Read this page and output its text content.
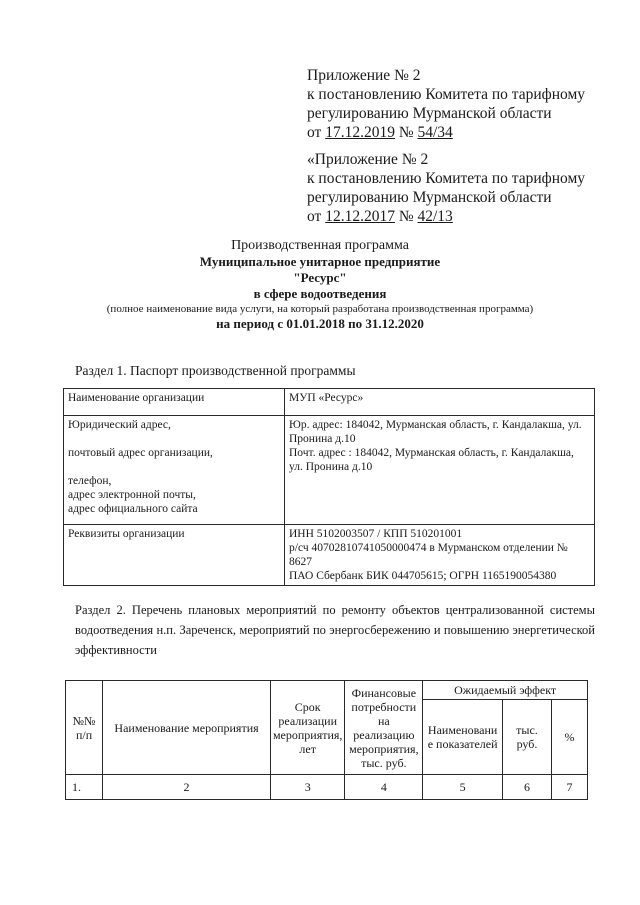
Приложение № 2
к постановлению Комитета по тарифному
регулированию Мурманской области
от 17.12.2019 № 54/34
«Приложение № 2
к постановлению Комитета по тарифному
регулированию Мурманской области
от 12.12.2017 № 42/13
Производственная программа
Муниципальное унитарное предприятие
"Ресурс"
в сфере водоотведения
(полное наименование вида услуги, на который разработана производственная программа)
на период с 01.01.2018 по 31.12.2020
Раздел 1. Паспорт производственной программы
Наименование организации	МУП «Ресурс»

Юридический адрес,
почтовый адрес организации,
телефон,
адрес электронной почты,
адрес официального сайта	Юр. адрес: 184042, Мурманская область, г. Кандалакша, ул. Пронина д.10
Почт. адрес : 184042, Мурманская область, г. Кандалакша, ул. Пронина д.10

Реквизиты организации	ИНН 5102003507 / КПП 510201001
р/сч 40702810741050000474 в Мурманском отделении № 8627
ПАО Сбербанк БИК 044705615; ОГРН 1165190054380
Раздел 2. Перечень плановых мероприятий по ремонту объектов централизованной системы водоотведения н.п. Зареченск, мероприятий по энергосбережению и повышению энергетической эффективности
№№ п/п	Наименование мероприятия	Срок реализации мероприятия, лет	Финансовые потребности на реализацию мероприятия, тыс. руб.	Ожидаемый эффект		
				Наименовани е показателей	тыс. руб.	%
1.	2	3	4	5	6	7
